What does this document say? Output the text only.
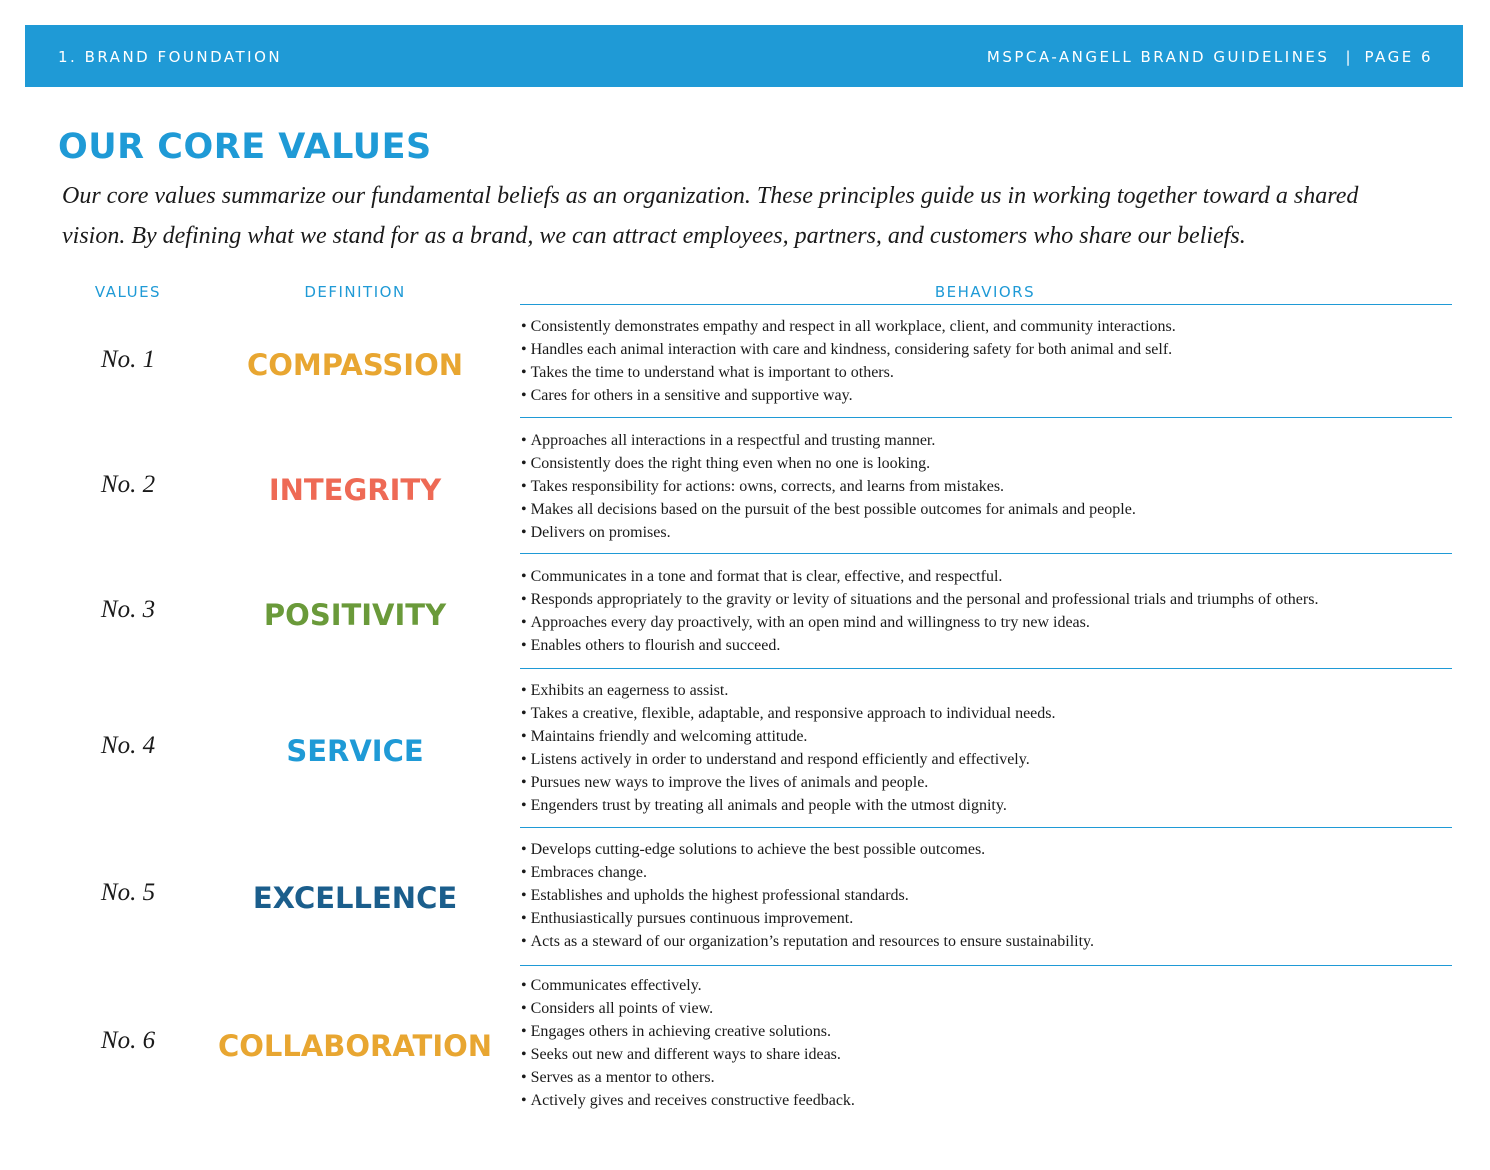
1. BRAND FOUNDATION	MSPCA-ANGELL BRAND GUIDELINES | PAGE 6
OUR CORE VALUES

Our core values summarize our fundamental beliefs as an organization. These principles guide us in working together toward a shared vision. By defining what we stand for as a brand, we can attract employees, partners, and customers who share our beliefs.

VALUES	DEFINITION	BEHAVIORS
No. 1	COMPASSION
• Consistently demonstrates empathy and respect in all workplace, client, and community interactions.
• Handles each animal interaction with care and kindness, considering safety for both animal and self.
• Takes the time to understand what is important to others.
• Cares for others in a sensitive and supportive way.
No. 2	INTEGRITY
• Approaches all interactions in a respectful and trusting manner.
• Consistently does the right thing even when no one is looking.
• Takes responsibility for actions: owns, corrects, and learns from mistakes.
• Makes all decisions based on the pursuit of the best possible outcomes for animals and people.
• Delivers on promises.
No. 3	POSITIVITY
• Communicates in a tone and format that is clear, effective, and respectful.
• Responds appropriately to the gravity or levity of situations and the personal and professional trials and triumphs of others.
• Approaches every day proactively, with an open mind and willingness to try new ideas.
• Enables others to flourish and succeed.
No. 4	SERVICE
• Exhibits an eagerness to assist.
• Takes a creative, flexible, adaptable, and responsive approach to individual needs.
• Maintains friendly and welcoming attitude.
• Listens actively in order to understand and respond efficiently and effectively.
• Pursues new ways to improve the lives of animals and people.
• Engenders trust by treating all animals and people with the utmost dignity.
No. 5	EXCELLENCE
• Develops cutting-edge solutions to achieve the best possible outcomes.
• Embraces change.
• Establishes and upholds the highest professional standards.
• Enthusiastically pursues continuous improvement.
• Acts as a steward of our organization’s reputation and resources to ensure sustainability.
No. 6	COLLABORATION
• Communicates effectively.
• Considers all points of view.
• Engages others in achieving creative solutions.
• Seeks out new and different ways to share ideas.
• Serves as a mentor to others.
• Actively gives and receives constructive feedback.
